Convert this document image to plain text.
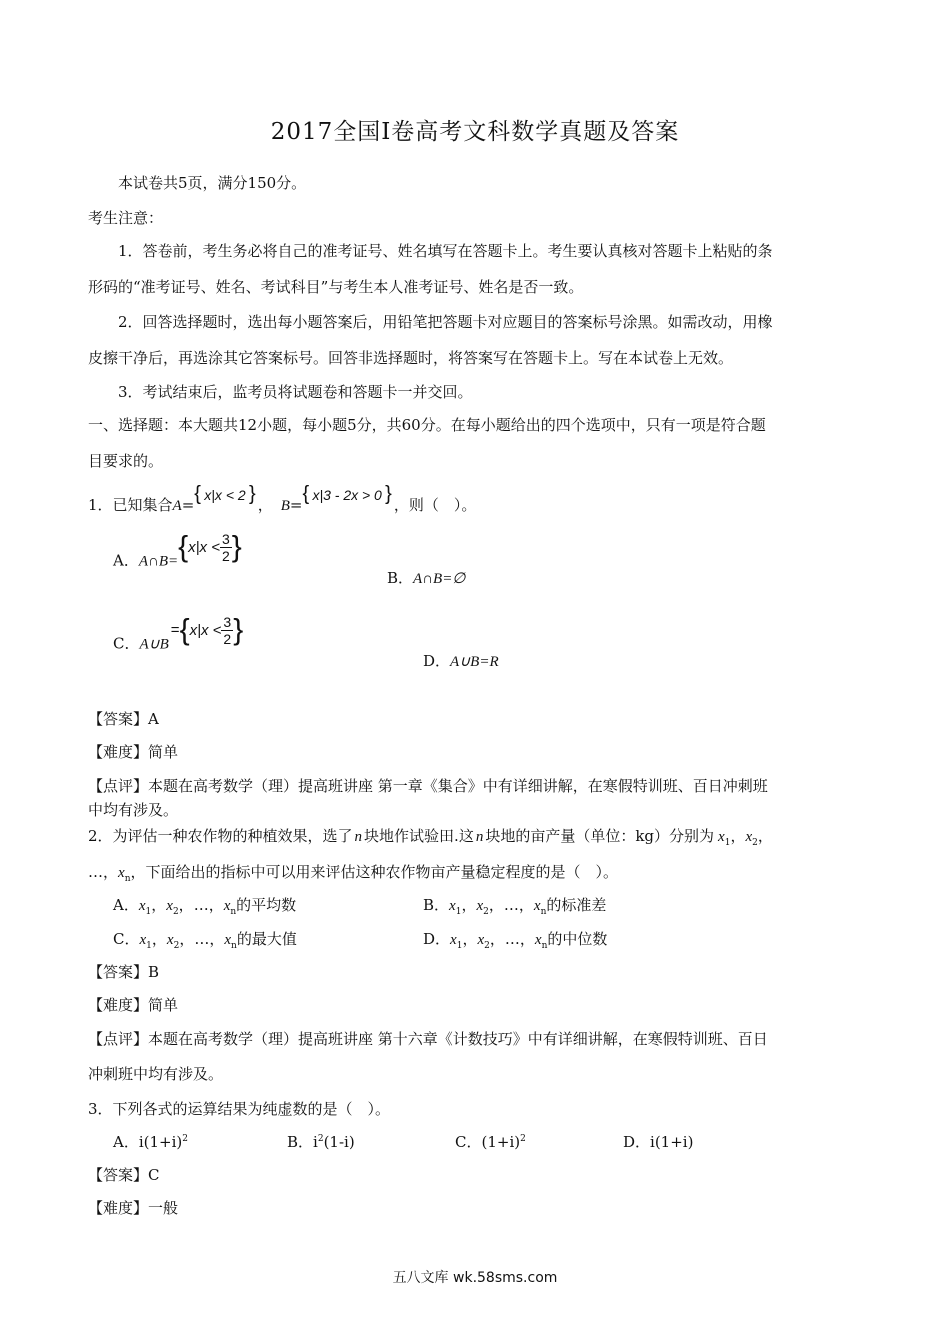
2017全国Ⅰ卷高考文科数学真题及答案
本试卷共5页，满分150分。
考生注意：
1．答卷前，考生务必将自己的准考证号、姓名填写在答题卡上。考生要认真核对答题卡上粘贴的条
形码的“准考证号、姓名、考试科目”与考生本人准考证号、姓名是否一致。
2．回答选择题时，选出每小题答案后，用铅笔把答题卡对应题目的答案标号涂黑。如需改动，用橡
皮擦干净后，再选涂其它答案标号。回答非选择题时，将答案写在答题卡上。写在本试卷上无效。
3．考试结束后，监考员将试题卷和答题卡一并交回。
一、选择题：本大题共12小题，每小题5分，共60分。在每小题给出的四个选项中，只有一项是符合题
目要求的。
1．已知集合A={ x|x < 2 }， B={ x|3 - 2x > 0 }，则（　）。
A．A∩B={x|x < $\frac{3}{2}$ }
B．A∩B=∅
C．A∪B={x|x < $\frac{3}{2}$ }
D．A∪B=R
【答案】A
【难度】简单
【点评】本题在高考数学（理）提高班讲座 第一章《集合》中有详细讲解，在寒假特训班、百日冲刺班
中均有涉及。
2．为评估一种农作物的种植效果，选了 n 块地作试验田.这 n 块地的亩产量（单位：kg）分别为 $x_1$，$x_2$，
…，$x_n$，下面给出的指标中可以用来评估这种农作物亩产量稳定程度的是（　）。
A．$x_1$，$x_2$，…，$x_n$的平均数	B．$x_1$，$x_2$，…，$x_n$的标准差
C．$x_1$，$x_2$，…，$x_n$的最大值	D．$x_1$，$x_2$，…，$x_n$的中位数
【答案】B
【难度】简单
【点评】本题在高考数学（理）提高班讲座 第十六章《计数技巧》中有详细讲解，在寒假特训班、百日
冲刺班中均有涉及。
3．下列各式的运算结果为纯虚数的是（　）。
A．$i(1+i)^2$	B．$i^2(1-i)$	C．$(1+i)^2$	D．i(1+i)
【答案】C
【难度】一般
五八文库 wk.58sms.com
